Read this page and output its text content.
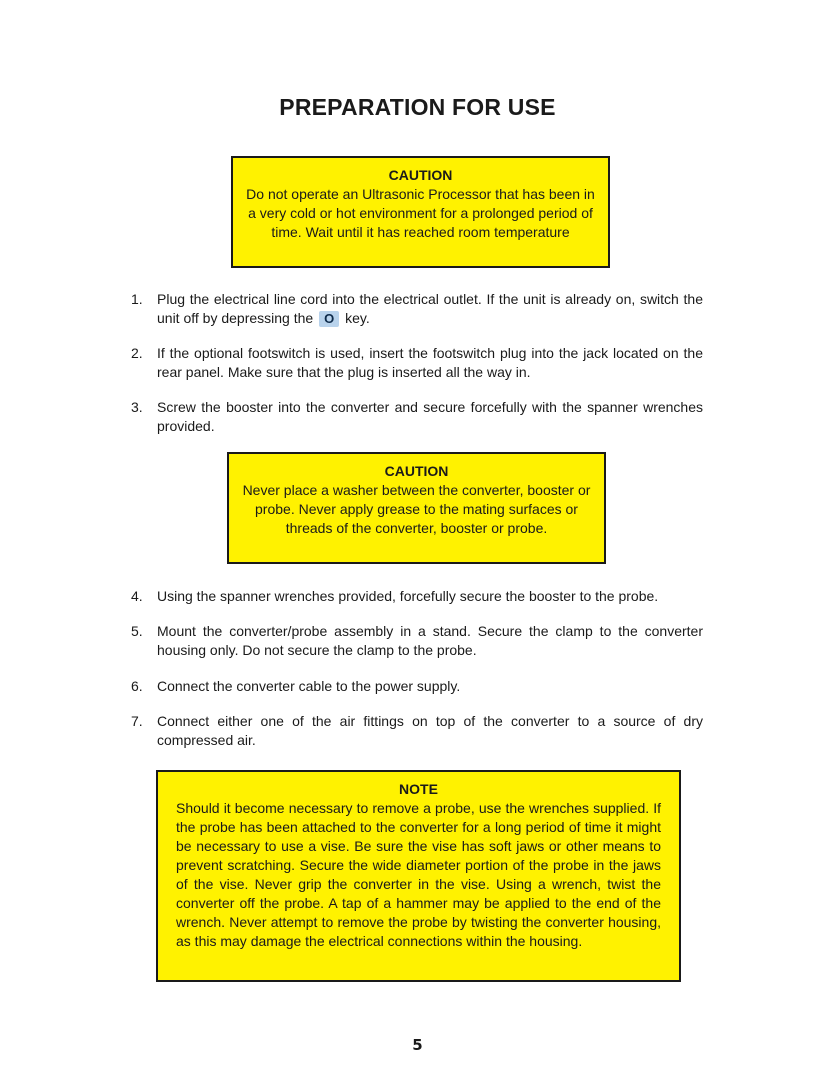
PREPARATION FOR USE
CAUTION
Do not operate an Ultrasonic Processor that has been in a very cold or hot environment for a prolonged period of time. Wait until it has reached room temperature
1.	Plug the electrical line cord into the electrical outlet. If the unit is already on, switch the unit off by depressing the O key.
2.	If the optional footswitch is used, insert the footswitch plug into the jack located on the rear panel. Make sure that the plug is inserted all the way in.
3.	Screw the booster into the converter and secure forcefully with the spanner wrenches provided.
4.	Using the spanner wrenches provided, forcefully secure the booster to the probe.
5.	Mount the converter/probe assembly in a stand. Secure the clamp to the converter housing only. Do not secure the clamp to the probe.
6.	Connect the converter cable to the power supply.
7.	Connect either one of the air fittings on top of the converter to a source of dry compressed air.
CAUTION
Never place a washer between the converter, booster or probe. Never apply grease to the mating surfaces or threads of the converter, booster or probe.
NOTE
Should it become necessary to remove a probe, use the wrenches supplied. If the probe has been attached to the converter for a long period of time it might be necessary to use a vise. Be sure the vise has soft jaws or other means to prevent scratching. Secure the wide diameter portion of the probe in the jaws of the vise. Never grip the converter in the vise. Using a wrench, twist the converter off the probe. A tap of a hammer may be applied to the end of the wrench. Never attempt to remove the probe by twisting the converter housing, as this may damage the electrical connections within the housing.
5
